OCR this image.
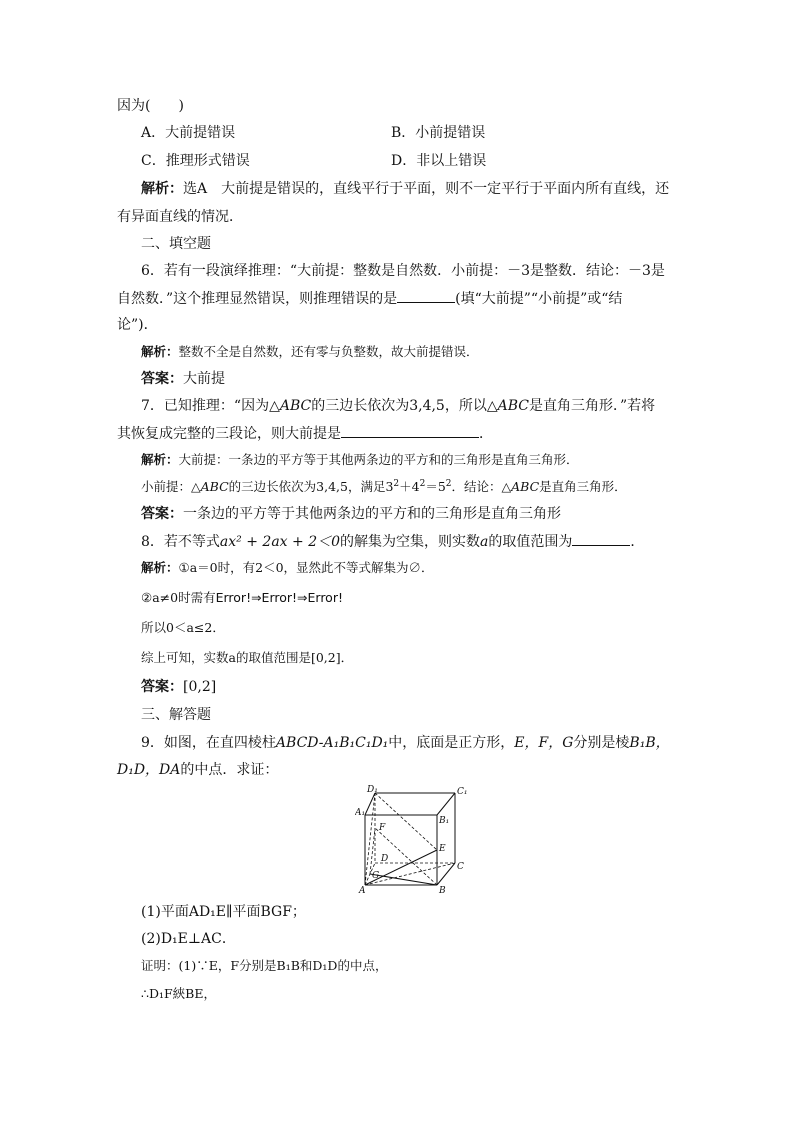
因为(　　)
A．大前提错误	B．小前提错误
C．推理形式错误	D．非以上错误
解析：选A　大前提是错误的，直线平行于平面，则不一定平行于平面内所有直线，还
有异面直线的情况．
二、填空题
6．若有一段演绎推理：“大前提：整数是自然数．小前提：－3是整数．结论：－3是
自然数．”这个推理显然错误，则推理错误的是	(填“大前提”“小前提”或“结
论”)．
解析：整数不全是自然数，还有零与负整数，故大前提错误．
答案：大前提
7．已知推理：“因为△ABC的三边长依次为3,4,5，所以△ABC是直角三角形．”若将
其恢复成完整的三段论，则大前提是	．
解析：大前提：一条边的平方等于其他两条边的平方和的三角形是直角三角形．
小前提：△ABC的三边长依次为3,4,5，满足$3^2+4^2=5^2$．结论：△ABC是直角三角形．
答案：一条边的平方等于其他两条边的平方和的三角形是直角三角形
8．若不等式ax² + 2ax + 2＜0的解集为空集，则实数a的取值范围为	．
解析：①a＝0时，有2＜0，显然此不等式解集为∅．
②a≠0时需有Error!⇒Error!⇒Error!
所以0＜a≤2．
综上可知，实数a的取值范围是[0,2]．
答案：[0,2]
三、解答题
9．如图，在直四棱柱ABCD-A₁B₁C₁D₁中，底面是正方形，E，F，G分别是棱B₁B，
D₁D，DA的中点．求证：
D₁	C₁
A₁
B₁
F
E
D
C
G
A	B
(1)平面AD₁E∥平面BGF；
(2)D₁E⊥AC．
证明：(1)∵E，F分别是B₁B和D₁D的中点，
∴D₁F綊BE，
